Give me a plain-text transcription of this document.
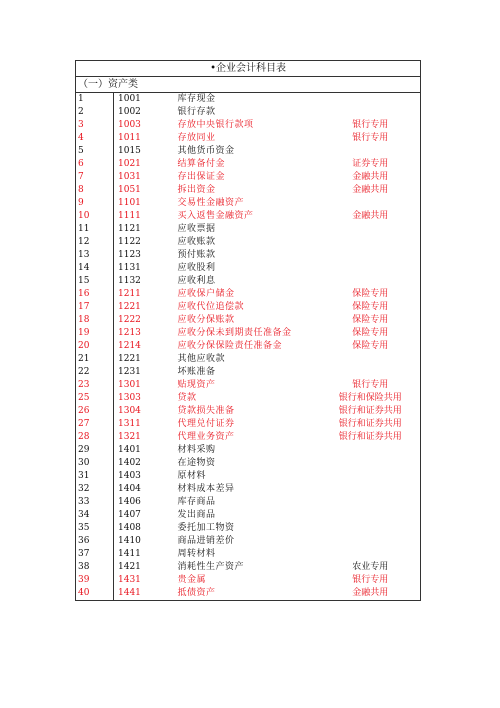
•企业会计科目表			
（一）资产类			
1	1001	库存现金	
2	1002	银行存款	
3	1003	存放中央银行款项	银行专用
4	1011	存放同业	银行专用
5	1015	其他货币资金	
6	1021	结算备付金	证券专用
7	1031	存出保证金	金融共用
8	1051	拆出资金	金融共用
9	1101	交易性金融资产	
10	1111	买入返售金融资产	金融共用
11	1121	应收票据	
12	1122	应收账款	
13	1123	预付账款	
14	1131	应收股利	
15	1132	应收利息	
16	1211	应收保户储金	保险专用
17	1221	应收代位追偿款	保险专用
18	1222	应收分保账款	保险专用
19	1213	应收分保未到期责任准备金	保险专用
20	1214	应收分保保险责任准备金	保险专用
21	1221	其他应收款	
22	1231	坏账准备	
23	1301	贴现资产	银行专用
25	1303	贷款	银行和保险共用
26	1304	贷款损失准备	银行和证券共用
27	1311	代理兑付证券	银行和证券共用
28	1321	代理业务资产	银行和证券共用
29	1401	材料采购	
30	1402	在途物资	
31	1403	原材料	
32	1404	材料成本差异	
33	1406	库存商品	
34	1407	发出商品	
35	1408	委托加工物资	
36	1410	商品进销差价	
37	1411	周转材料	
38	1421	消耗性生产资产	农业专用
39	1431	贵金属	银行专用
40	1441	抵债资产	金融共用
